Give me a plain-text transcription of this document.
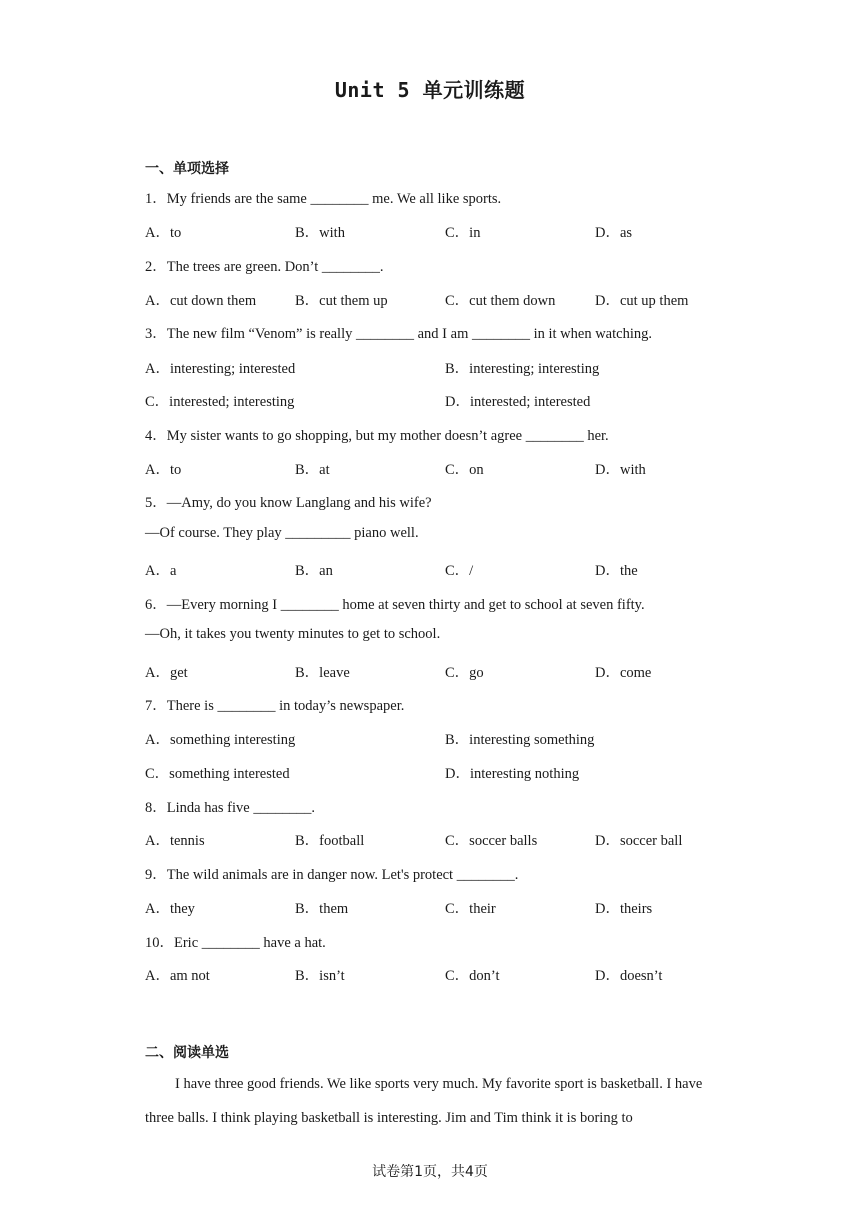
Unit 5 单元训练题
一、单项选择
1．My friends are the same ________ me. We all like sports.
A．to	B．with	C．in	D．as
2．The trees are green. Don’t ________.
A．cut down them	B．cut them up	C．cut them down	D．cut up them
3．The new film “Venom” is really ________ and I am ________ in it when watching.
A．interesting; interested	B．interesting; interesting
C．interested; interesting	D．interested; interested
4．My sister wants to go shopping, but my mother doesn’t agree ________ her.
A．to	B．at	C．on	D．with
5．—Amy, do you know Langlang and his wife?
—Of course. They play _________ piano well.
A．a	B．an	C．/	D．the
6．—Every morning I ________ home at seven thirty and get to school at seven fifty.
—Oh, it takes you twenty minutes to get to school.
A．get	B．leave	C．go	D．come
7．There is ________ in today’s newspaper.
A．something interesting	B．interesting something
C．something interested	D．interesting nothing
8．Linda has five ________.
A．tennis	B．football	C．soccer balls	D．soccer ball
9．The wild animals are in danger now. Let's protect ________.
A．they	B．them	C．their	D．theirs
10．Eric ________ have a hat.
A．am not	B．isn’t	C．don’t	D．doesn’t
二、阅读单选
I have three good friends. We like sports very much. My favorite sport is basketball. I have three balls. I think playing basketball is interesting. Jim and Tim think it is boring to
试卷第1页，共4页
